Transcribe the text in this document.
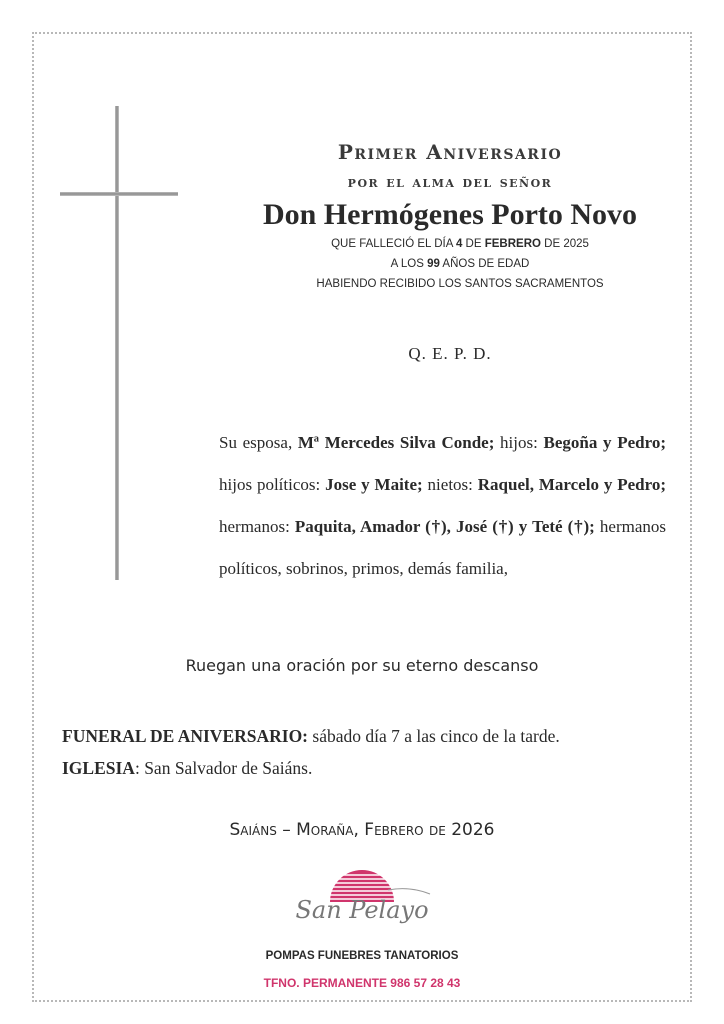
Primer Aniversario
por el alma del señor
Don Hermógenes Porto Novo
QUE FALLECIÓ EL DÍA 4 DE FEBRERO DE 2025
A LOS 99 AÑOS DE EDAD
HABIENDO RECIBIDO LOS SANTOS SACRAMENTOS
Q. E. P. D.
Su esposa, Mª Mercedes Silva Conde; hijos: Begoña y Pedro; hijos políticos: Jose y Maite; nietos: Raquel, Marcelo y Pedro; hermanos: Paquita, Amador (†), José (†) y Teté (†); hermanos políticos, sobrinos, primos, demás familia,
Ruegan una oración por su eterno descanso
FUNERAL DE ANIVERSARIO: sábado día 7 a las cinco de la tarde.
IGLESIA: San Salvador de Saiáns.
Saiáns – Moraña, Febrero de 2026
San Pelayo
POMPAS FUNEBRES TANATORIOS
TFNO. PERMANENTE 986 57 28 43
